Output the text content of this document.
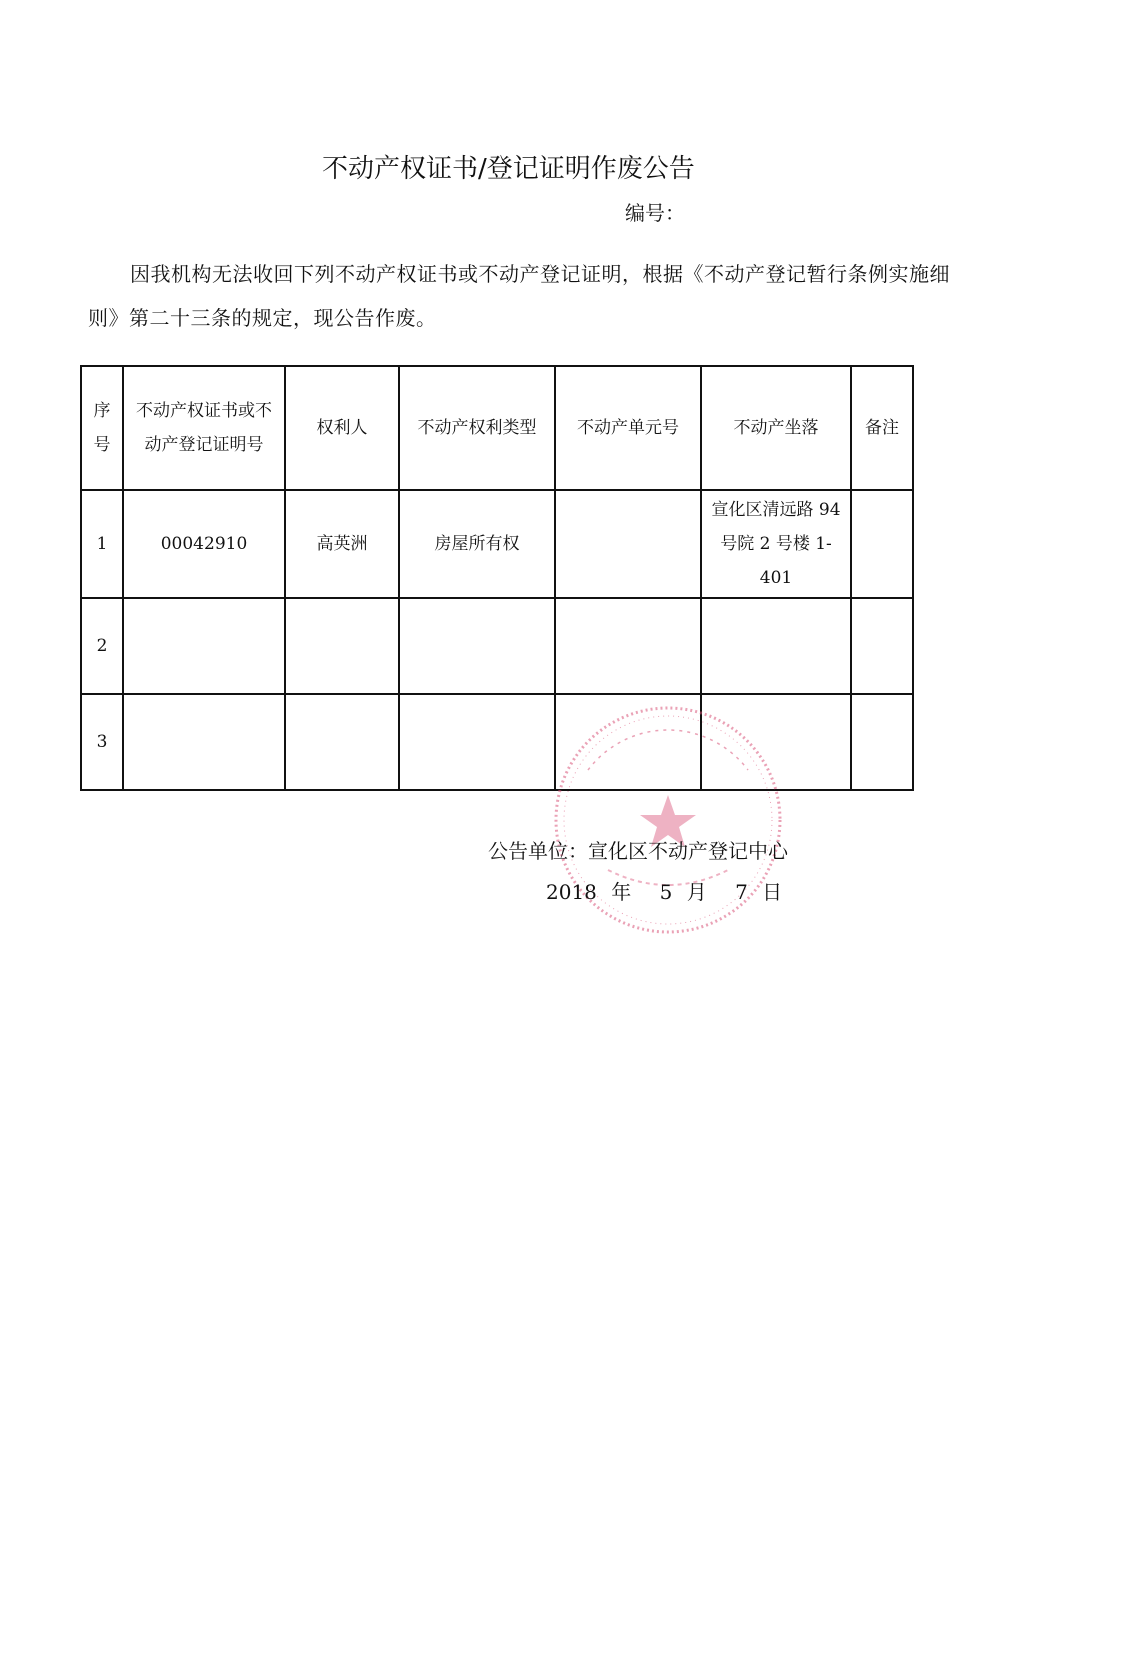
不动产权证书/登记证明作废公告
编号：
因我机构无法收回下列不动产权证书或不动产登记证明，根据《不动产登记暂行条例实施细则》第二十三条的规定，现公告作废。
序号	不动产权证书或不动产登记证明号	权利人	不动产权利类型	不动产单元号	不动产坐落	备注
1	00042910	高英洲	房屋所有权		宣化区清远路 94 号院 2 号楼 1-401	
2						
3						
公告单位：宣化区不动产登记中心
2018 年 5 月 7 日
